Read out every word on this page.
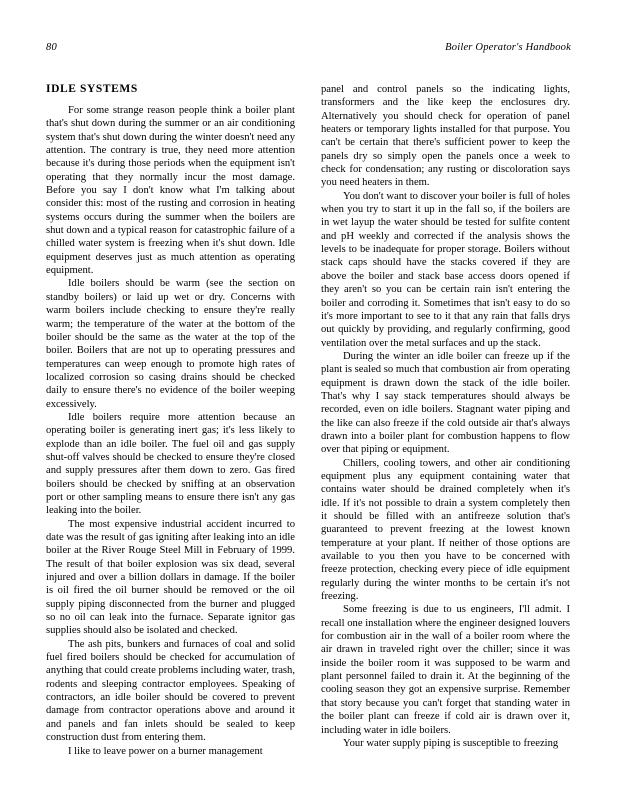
80	Boiler Operator's Handbook
IDLE SYSTEMS

For some strange reason people think a boiler plant that's shut down during the summer or an air conditioning system that's shut down during the winter doesn't need any attention. The contrary is true, they need more attention because it's during those periods when the equipment isn't operating that they normally incur the most damage. Before you say I don't know what I'm talking about consider this: most of the rusting and corrosion in heating systems occurs during the summer when the boilers are shut down and a typical reason for catastrophic failure of a chilled water system is freezing when it's shut down. Idle equipment deserves just as much attention as operating equipment.

Idle boilers should be warm (see the section on standby boilers) or laid up wet or dry. Concerns with warm boilers include checking to ensure they're really warm; the temperature of the water at the bottom of the boiler should be the same as the water at the top of the boiler. Boilers that are not up to operating pressures and temperatures can weep enough to promote high rates of localized corrosion so casing drains should be checked daily to ensure there's no evidence of the boiler weeping excessively.

Idle boilers require more attention because an operating boiler is generating inert gas; it's less likely to explode than an idle boiler. The fuel oil and gas supply shut-off valves should be checked to ensure they're closed and supply pressures after them down to zero. Gas fired boilers should be checked by sniffing at an observation port or other sampling means to ensure there isn't any gas leaking into the boiler.

The most expensive industrial accident incurred to date was the result of gas igniting after leaking into an idle boiler at the River Rouge Steel Mill in February of 1999. The result of that boiler explosion was six dead, several injured and over a billion dollars in damage. If the boiler is oil fired the oil burner should be removed or the oil supply piping disconnected from the burner and plugged so no oil can leak into the furnace. Separate ignitor gas supplies should also be isolated and checked.

The ash pits, bunkers and furnaces of coal and solid fuel fired boilers should be checked for accumulation of anything that could create problems including water, trash, rodents and sleeping contractor employees. Speaking of contractors, an idle boiler should be covered to prevent damage from contractor operations above and around it and panels and fan inlets should be sealed to keep construction dust from entering them.

I like to leave power on a burner management

panel and control panels so the indicating lights, transformers and the like keep the enclosures dry. Alternatively you should check for operation of panel heaters or temporary lights installed for that purpose. You can't be certain that there's sufficient power to keep the panels dry so simply open the panels once a week to check for condensation; any rusting or discoloration says you need heaters in them.

You don't want to discover your boiler is full of holes when you try to start it up in the fall so, if the boilers are in wet layup the water should be tested for sulfite content and pH weekly and corrected if the analysis shows the levels to be inadequate for proper storage. Boilers without stack caps should have the stacks covered if they are above the boiler and stack base access doors opened if they aren't so you can be certain rain isn't entering the boiler and corroding it. Sometimes that isn't easy to do so it's more important to see to it that any rain that falls drys out quickly by providing, and regularly confirming, good ventilation over the metal surfaces and up the stack.

During the winter an idle boiler can freeze up if the plant is sealed so much that combustion air from operating equipment is drawn down the stack of the idle boiler. That's why I say stack temperatures should always be recorded, even on idle boilers. Stagnant water piping and the like can also freeze if the cold outside air that's always drawn into a boiler plant for combustion happens to flow over that piping or equipment.

Chillers, cooling towers, and other air conditioning equipment plus any equipment containing water that contains water should be drained completely when it's idle. If it's not possible to drain a system completely then it should be filled with an antifreeze solution that's guaranteed to prevent freezing at the lowest known temperature at your plant. If neither of those options are available to you then you have to be concerned with freeze protection, checking every piece of idle equipment regularly during the winter months to be certain it's not freezing.

Some freezing is due to us engineers, I'll admit. I recall one installation where the engineer designed louvers for combustion air in the wall of a boiler room where the air drawn in traveled right over the chiller; since it was inside the boiler room it was supposed to be warm and plant personnel failed to drain it. At the beginning of the cooling season they got an expensive surprise. Remember that story because you can't forget that standing water in the boiler plant can freeze if cold air is drawn over it, including water in idle boilers.

Your water supply piping is susceptible to freezing
